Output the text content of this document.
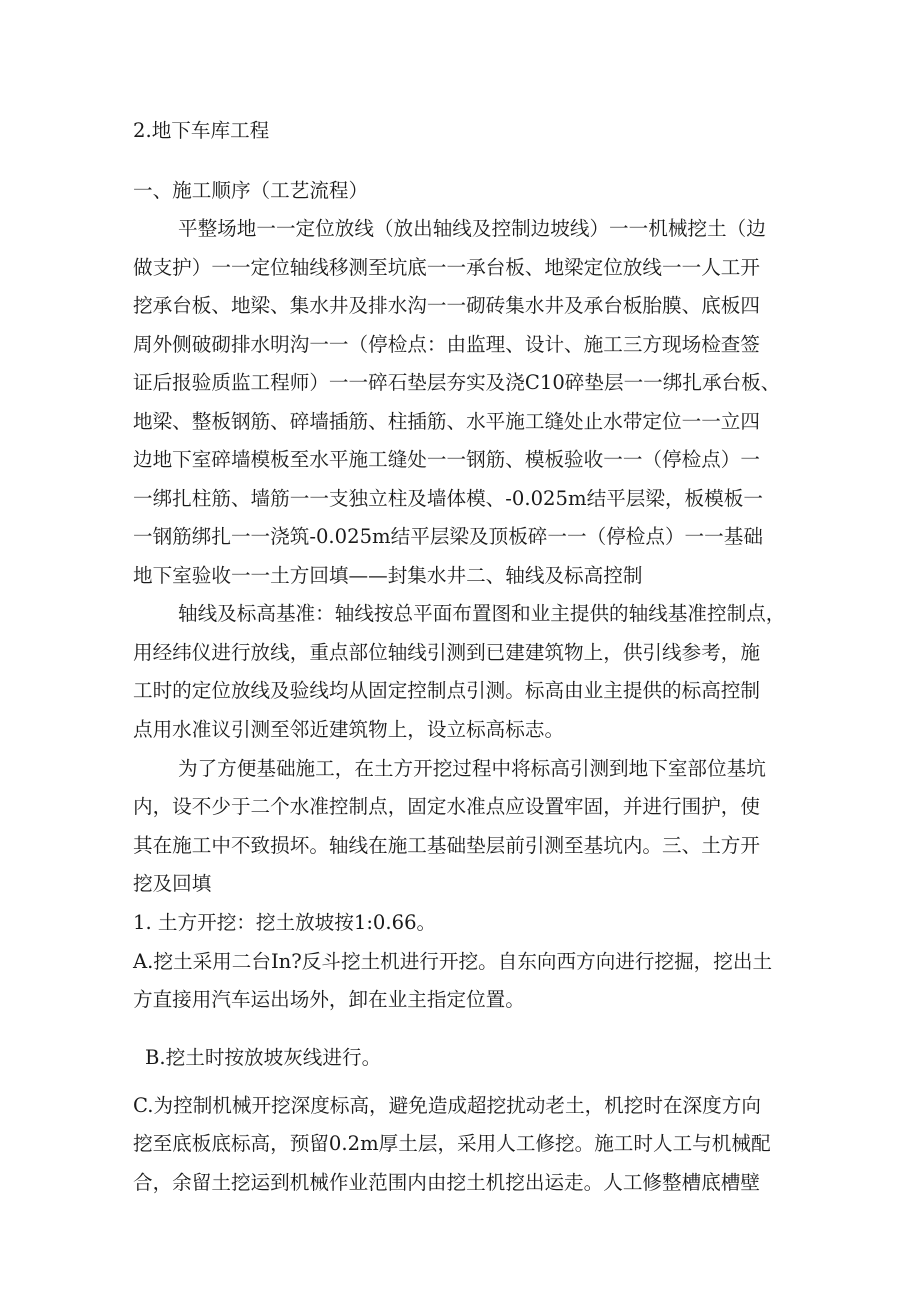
2.地下车库工程
一、施工顺序（工艺流程）
平整场地一一定位放线（放出轴线及控制边坡线）一一机械挖土（边
做支护）一一定位轴线移测至坑底一一承台板、地梁定位放线一一人工开
挖承台板、地梁、集水井及排水沟一一砌砖集水井及承台板胎膜、底板四
周外侧破砌排水明沟一一（停检点：由监理、设计、施工三方现场检查签
证后报验质监工程师）一一碎石垫层夯实及浇C10碎垫层一一绑扎承台板、
地梁、整板钢筋、碎墙插筋、柱插筋、水平施工缝处止水带定位一一立四
边地下室碎墙模板至水平施工缝处一一钢筋、模板验收一一（停检点）一
一绑扎柱筋、墙筋一一支独立柱及墙体模、-0.025m结平层梁，板模板一
一钢筋绑扎一一浇筑-0.025m结平层梁及顶板碎一一（停检点）一一基础
地下室验收一一土方回填——封集水井二、轴线及标高控制
轴线及标高基准：轴线按总平面布置图和业主提供的轴线基准控制点，
用经纬仪进行放线，重点部位轴线引测到已建建筑物上，供引线参考，施
工时的定位放线及验线均从固定控制点引测。标高由业主提供的标高控制
点用水准议引测至邻近建筑物上，设立标高标志。
为了方便基础施工，在土方开挖过程中将标高引测到地下室部位基坑
内，设不少于二个水准控制点，固定水准点应设置牢固，并进行围护，使
其在施工中不致损坏。轴线在施工基础垫层前引测至基坑内。三、土方开
挖及回填
1. 土方开挖：挖土放坡按1:0.66。
A.挖土采用二台In?反斗挖土机进行开挖。自东向西方向进行挖掘，挖出土
方直接用汽车运出场外，卸在业主指定位置。
B.挖土时按放坡灰线进行。
C.为控制机械开挖深度标高，避免造成超挖扰动老土，机挖时在深度方向
挖至底板底标高，预留0.2m厚土层，采用人工修挖。施工时人工与机械配
合，余留土挖运到机械作业范围内由挖土机挖出运走。人工修整槽底槽壁
